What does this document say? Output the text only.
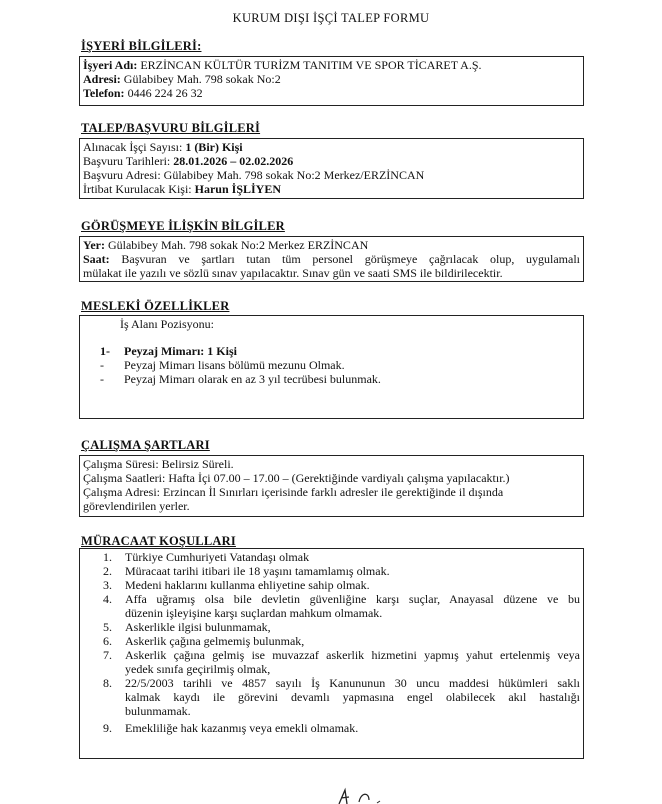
KURUM DIŞI İŞÇİ TALEP FORMU
İŞYERİ BİLGİLERİ:
İşyeri Adı: ERZİNCAN KÜLTÜR TURİZM TANITIM VE SPOR TİCARET A.Ş.
Adresi: Gülabibey Mah. 798 sokak No:2
Telefon: 0446 224 26 32
TALEP/BAŞVURU BİLGİLERİ
Alınacak İşçi Sayısı: 1 (Bir) Kişi
Başvuru Tarihleri: 28.01.2026 – 02.02.2026
Başvuru Adresi: Gülabibey Mah. 798 sokak No:2 Merkez/ERZİNCAN
İrtibat Kurulacak Kişi: Harun İŞLİYEN
GÖRÜŞMEYE İLİŞKİN BİLGİLER
Yer: Gülabibey Mah. 798 sokak No:2 Merkez ERZİNCAN
Saat: Başvuran ve şartları tutan tüm personel görüşmeye çağrılacak olup, uygulamalı
mülakat ile yazılı ve sözlü sınav yapılacaktır. Sınav gün ve saati SMS ile bildirilecektir.
MESLEKİ ÖZELLİKLER
İş Alanı Pozisyonu:
1- Peyzaj Mimarı: 1 Kişi
- Peyzaj Mimarı lisans bölümü mezunu Olmak.
- Peyzaj Mimarı olarak en az 3 yıl tecrübesi bulunmak.
ÇALIŞMA ŞARTLARI
Çalışma Süresi: Belirsiz Süreli.
Çalışma Saatleri: Hafta İçi 07.00 – 17.00 – (Gerektiğinde vardiyalı çalışma yapılacaktır.)
Çalışma Adresi: Erzincan İl Sınırları içerisinde farklı adresler ile gerektiğinde il dışında
görevlendirilen yerler.
MÜRACAAT KOŞULLARI
1. Türkiye Cumhuriyeti Vatandaşı olmak
2. Müracaat tarihi itibari ile 18 yaşını tamamlamış olmak.
3. Medeni haklarını kullanma ehliyetine sahip olmak.
4. Affa uğramış olsa bile devletin güvenliğine karşı suçlar, Anayasal düzene ve bu
düzenin işleyişine karşı suçlardan mahkum olmamak.
5. Askerlikle ilgisi bulunmamak,
6. Askerlik çağına gelmemiş bulunmak,
7. Askerlik çağına gelmiş ise muvazzaf askerlik hizmetini yapmış yahut ertelenmiş veya
yedek sınıfa geçirilmiş olmak,
8. 22/5/2003 tarihli ve 4857 sayılı İş Kanununun 30 uncu maddesi hükümleri saklı
kalmak kaydı ile görevini devamlı yapmasına engel olabilecek akıl hastalığı
bulunmamak.
9. Emekliliğe hak kazanmış veya emekli olmamak.
